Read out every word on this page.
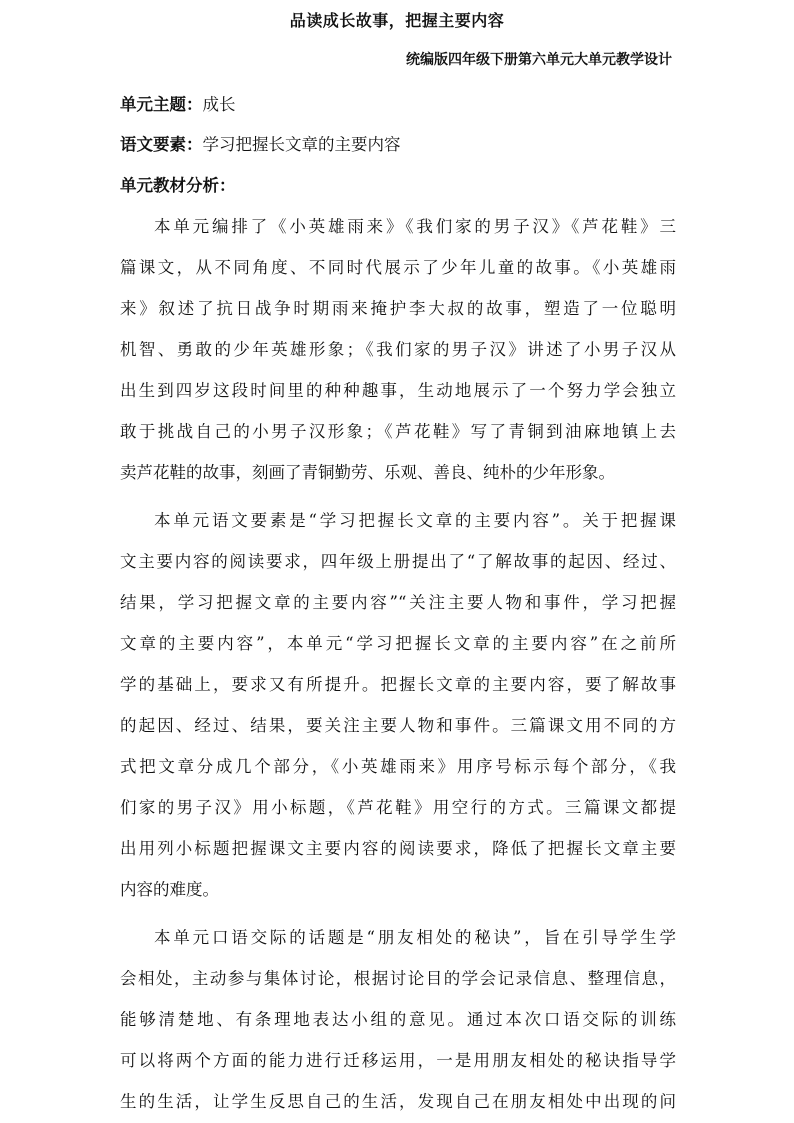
品读成长故事，把握主要内容
统编版四年级下册第六单元大单元教学设计
单元主题：成长
语文要素：学习把握长文章的主要内容
单元教材分析：
本单元编排了《小英雄雨来》《我们家的男子汉》《芦花鞋》三
篇课文，从不同角度、不同时代展示了少年儿童的故事。《小英雄雨
来》叙述了抗日战争时期雨来掩护李大叔的故事，塑造了一位聪明
机智、勇敢的少年英雄形象；《我们家的男子汉》讲述了小男子汉从
出生到四岁这段时间里的种种趣事，生动地展示了一个努力学会独立
敢于挑战自己的小男子汉形象；《芦花鞋》写了青铜到油麻地镇上去
卖芦花鞋的故事，刻画了青铜勤劳、乐观、善良、纯朴的少年形象。
本单元语文要素是“学习把握长文章的主要内容”。关于把握课
文主要内容的阅读要求，四年级上册提出了“了解故事的起因、经过、
结果，学习把握文章的主要内容”“关注主要人物和事件，学习把握
文章的主要内容”，本单元“学习把握长文章的主要内容”在之前所
学的基础上，要求又有所提升。把握长文章的主要内容，要了解故事
的起因、经过、结果，要关注主要人物和事件。三篇课文用不同的方
式把文章分成几个部分，《小英雄雨来》用序号标示每个部分，《我
们家的男子汉》用小标题，《芦花鞋》用空行的方式。三篇课文都提
出用列小标题把握课文主要内容的阅读要求，降低了把握长文章主要
内容的难度。
本单元口语交际的话题是“朋友相处的秘诀”，旨在引导学生学
会相处，主动参与集体讨论，根据讨论目的学会记录信息、整理信息，
能够清楚地、有条理地表达小组的意见。通过本次口语交际的训练
可以将两个方面的能力进行迁移运用，一是用朋友相处的秘诀指导学
生的生活，让学生反思自己的生活，发现自己在朋友相处中出现的问
